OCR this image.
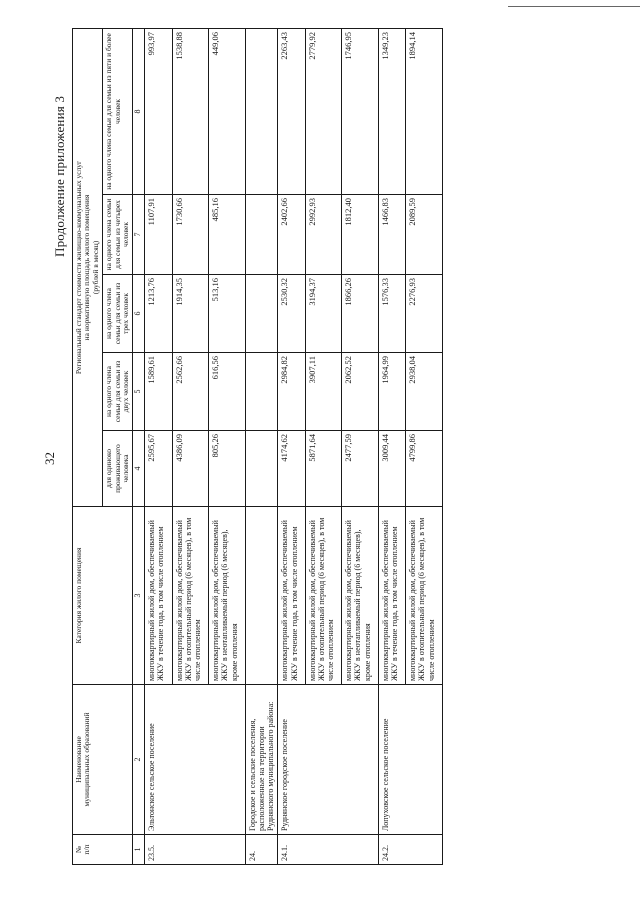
32
Продолжение приложения 3
№
п/п	Наименование
муниципальных образований	Категория жилого помещения	Региональный стандарт стоимости жилищно-коммунальных услуг
на нормативную площадь жилого помещения
(рублей в месяц)				
			для одиноко проживающего человека	на одного члена семьи для семьи из двух человек	на одного члена семьи для семьи из трех человек	на одного члена семьи для семьи из четырех человек	на одного члена семьи для семьи из пяти и более человек
1	2	3	4	5	6	7	8
23.5.	Эльтонское сельское поселение	многоквартирный жилой дом, обеспечиваемый ЖКУ в течение года, в том числе отоплением	2595,67	1589,61	1213,76	1107,91	993,97
		многоквартирный жилой дом, обеспечиваемый ЖКУ в отопительный период (6 месяцев), в том числе отоплением	4386,09	2562,66	1914,35	1730,66	1538,88
		многоквартирный жилой дом, обеспечиваемый ЖКУ в неотапливаемый период (6 месяцев), кроме отопления	805,26	616,56	513,16	485,16	449,06
24.	Городское и сельские поселения, расположенные на территории Руднянского муниципального района:						
24.1.	Руднянское городское поселение	многоквартирный жилой дом, обеспечиваемый ЖКУ в течение года, в том числе отоплением	4174,62	2984,82	2530,32	2402,66	2263,43
		многоквартирный жилой дом, обеспечиваемый ЖКУ в отопительный период (6 месяцев), в том числе отоплением	5871,64	3907,11	3194,37	2992,93	2779,92
		многоквартирный жилой дом, обеспечиваемый ЖКУ в неотапливаемый период (6 месяцев), кроме отопления	2477,59	2062,52	1866,26	1812,40	1746,95
24.2.	Лопуховское сельское поселение	многоквартирный жилой дом, обеспечиваемый ЖКУ в течение года, в том числе отоплением	3009,44	1964,99	1576,33	1466,83	1349,23
		многоквартирный жилой дом, обеспечиваемый ЖКУ в отопительный период (6 месяцев), в том числе отоплением	4799,86	2938,04	2276,93	2089,59	1894,14
